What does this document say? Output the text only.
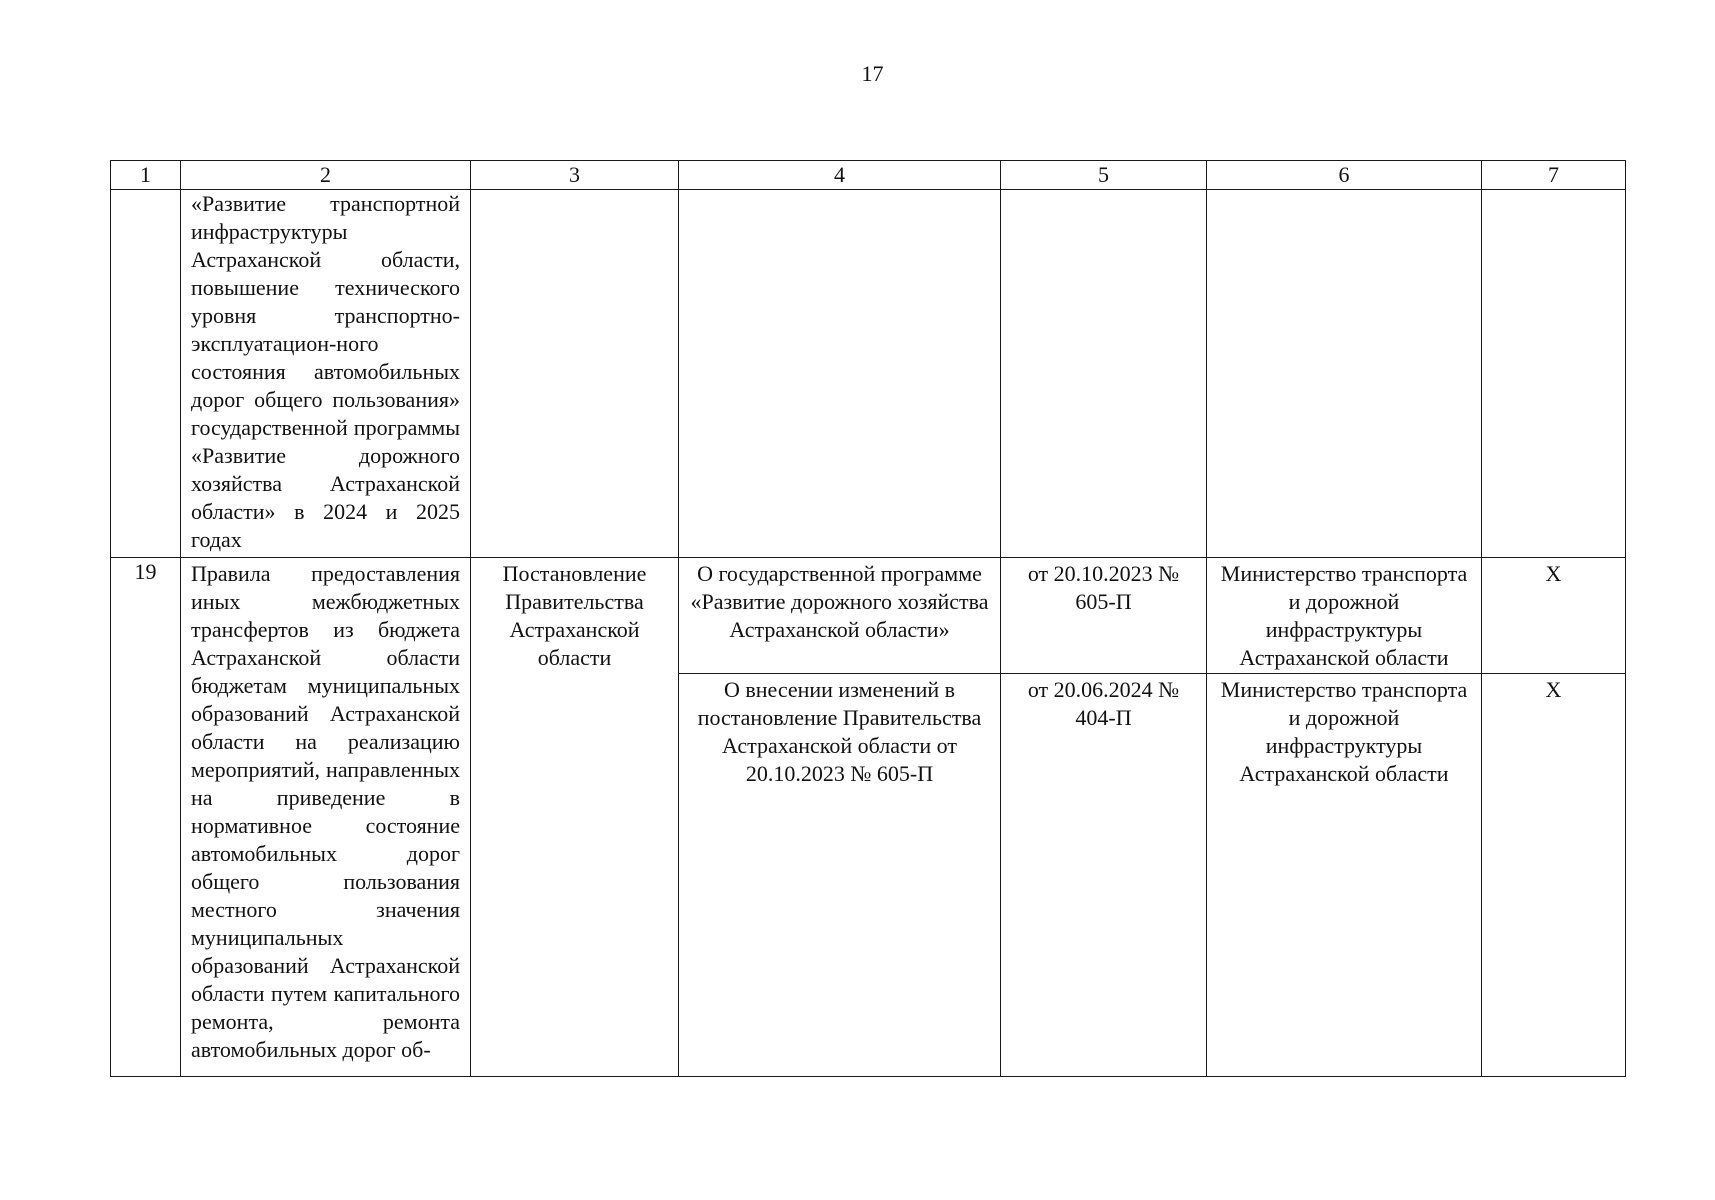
17
1	2	3	4	5	6	7
	«Развитие транспортной инфраструктуры Астраханской области, повышение технического уровня транспортно-эксплуатацион-ного состояния автомобильных дорог общего пользования» государственной программы «Развитие дорожного хозяйства Астраханской области» в 2024 и 2025 годах					
19	Правила предоставления иных межбюджетных трансфертов из бюджета Астраханской области бюджетам муниципальных образований Астраханской области на реализацию мероприятий, направленных на приведение в нормативное состояние автомобильных дорог общего пользования местного значения муниципальных образований Астраханской области путем капитального ремонта, ремонта автомобильных дорог об-	Постановление Правительства Астраханской области	О государственной программе «Развитие дорожного хозяйства Астраханской области»	от 20.10.2023 № 605-П	Министерство транспорта и дорожной инфраструктуры Астраханской области	Х
			О внесении изменений в постановление Правительства Астраханской области от 20.10.2023 № 605-П	от 20.06.2024 № 404-П	Министерство транспорта и дорожной инфраструктуры Астраханской области	Х
